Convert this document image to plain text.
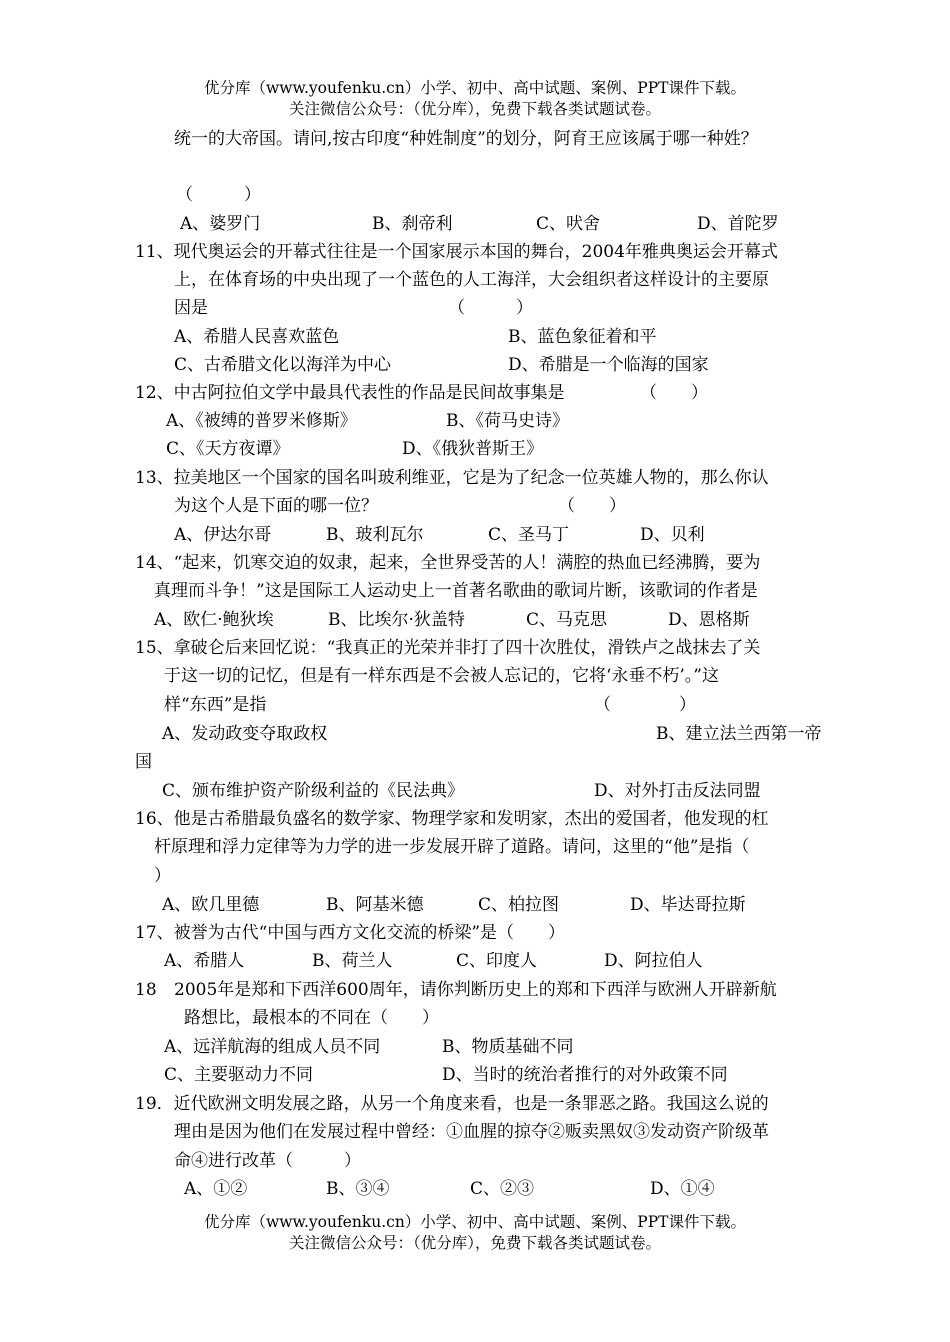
优分库（www.youfenku.cn）小学、初中、高中试题、案例、PPT课件下载。
关注微信公众号：（优分库），免费下载各类试题试卷。
统一的大帝国。请问,按古印度“种姓制度”的划分，阿育王应该属于哪一种姓？
（　　　）
A、婆罗门	B、刹帝利	C、吠舍	D、首陀罗
11、现代奥运会的开幕式往往是一个国家展示本国的舞台，2004年雅典奥运会开幕式
上，在体育场的中央出现了一个蓝色的人工海洋，大会组织者这样设计的主要原
因是	（　　　）
A、希腊人民喜欢蓝色	B、蓝色象征着和平
C、古希腊文化以海洋为中心	D、希腊是一个临海的国家
12、中古阿拉伯文学中最具代表性的作品是民间故事集是	（　　）
A、《被缚的普罗米修斯》	B、《荷马史诗》
C、《天方夜谭》	D、《俄狄普斯王》
13、拉美地区一个国家的国名叫玻利维亚，它是为了纪念一位英雄人物的，那么你认
为这个人是下面的哪一位？	（　　）
A、伊达尔哥	B、玻利瓦尔	C、圣马丁	D、贝利
14、“起来，饥寒交迫的奴隶，起来，全世界受苦的人！满腔的热血已经沸腾，要为
真理而斗争！”这是国际工人运动史上一首著名歌曲的歌词片断，该歌词的作者是
A、欧仁·鲍狄埃	B、比埃尔·狄盖特	C、马克思	D、恩格斯
15、拿破仑后来回忆说：“我真正的光荣并非打了四十次胜仗，滑铁卢之战抹去了关
于这一切的记忆，但是有一样东西是不会被人忘记的，它将‘永垂不朽’。”这
样“东西”是指	（　　　　）
A、发动政变夺取政权	B、建立法兰西第一帝
国
C、颁布维护资产阶级利益的《民法典》	D、对外打击反法同盟
16、他是古希腊最负盛名的数学家、物理学家和发明家，杰出的爱国者，他发现的杠
杆原理和浮力定律等为力学的进一步发展开辟了道路。请问，这里的“他”是指（
）
A、欧几里德	B、阿基米德	C、柏拉图	D、毕达哥拉斯
17、被誉为古代“中国与西方文化交流的桥梁”是（　　）
A、希腊人	B、荷兰人	C、印度人	D、阿拉伯人
18 2005年是郑和下西洋600周年，请你判断历史上的郑和下西洋与欧洲人开辟新航
路想比，最根本的不同在（　　）
A、远洋航海的组成人员不同	B、物质基础不同
C、主要驱动力不同	D、当时的统治者推行的对外政策不同
19．近代欧洲文明发展之路，从另一个角度来看，也是一条罪恶之路。我国这么说的
理由是因为他们在发展过程中曾经：①血腥的掠夺②贩卖黑奴③发动资产阶级革
命④进行改革（　　　）
A、①②	B、③④	C、②③	D、①④
优分库（www.youfenku.cn）小学、初中、高中试题、案例、PPT课件下载。
关注微信公众号：（优分库），免费下载各类试题试卷。
